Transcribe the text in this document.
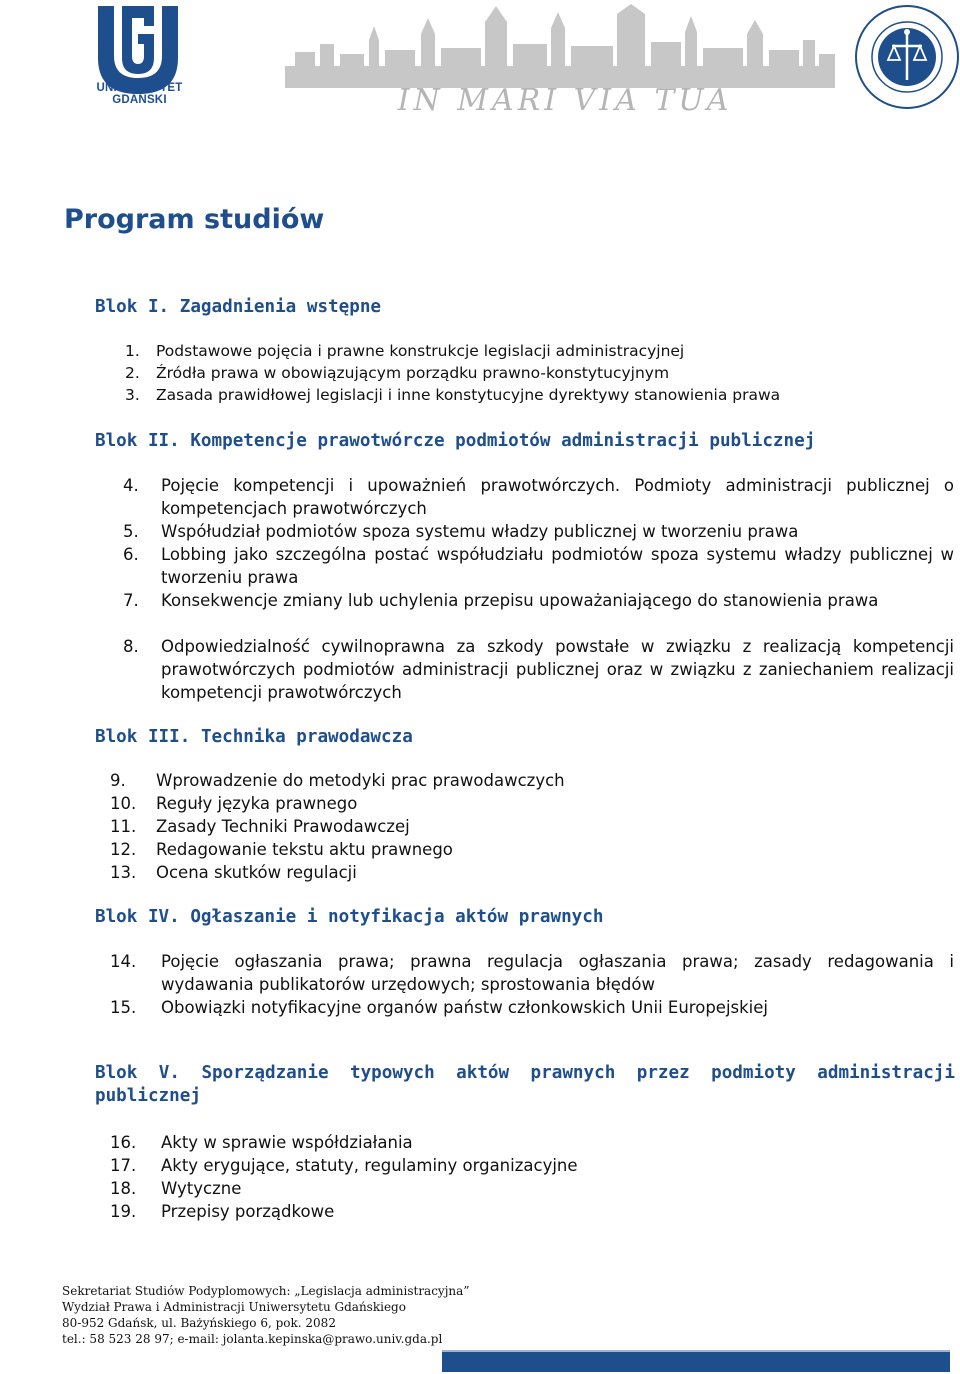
UNIWERSYTET GDAŃSKI	IN MARI VIA TUA
Program studiów
Blok I. Zagadnienia wstępne
1. Podstawowe pojęcia i prawne konstrukcje legislacji administracyjnej
2. Źródła prawa w obowiązującym porządku prawno-konstytucyjnym
3. Zasada prawidłowej legislacji i inne konstytucyjne dyrektywy stanowienia prawa
Blok II. Kompetencje prawotwórcze podmiotów administracji publicznej
4. Pojęcie kompetencji i upoważnień prawotwórczych. Podmioty administracji publicznej o kompetencjach prawotwórczych
5. Współudział podmiotów spoza systemu władzy publicznej w tworzeniu prawa
6. Lobbing jako szczególna postać współudziału podmiotów spoza systemu władzy publicznej w tworzeniu prawa
7. Konsekwencje zmiany lub uchylenia przepisu upoważaniającego do stanowienia prawa
8. Odpowiedzialność cywilnoprawna za szkody powstałe w związku z realizacją kompetencji prawotwórczych podmiotów administracji publicznej oraz w związku z zaniechaniem realizacji kompetencji prawotwórczych
Blok III. Technika prawodawcza
9. Wprowadzenie do metodyki prac prawodawczych
10. Reguły języka prawnego
11. Zasady Techniki Prawodawczej
12. Redagowanie tekstu aktu prawnego
13. Ocena skutków regulacji
Blok IV. Ogłaszanie i notyfikacja aktów prawnych
14. Pojęcie ogłaszania prawa; prawna regulacja ogłaszania prawa; zasady redagowania i wydawania publikatorów urzędowych; sprostowania błędów
15. Obowiązki notyfikacyjne organów państw członkowskich Unii Europejskiej
Blok V. Sporządzanie typowych aktów prawnych przez podmioty administracji publicznej
16. Akty w sprawie współdziałania
17. Akty erygujące, statuty, regulaminy organizacyjne
18. Wytyczne
19. Przepisy porządkowe
Sekretariat Studiów Podyplomowych: „Legislacja administracyjna”
Wydział Prawa i Administracji Uniwersytetu Gdańskiego
80-952 Gdańsk, ul. Bażyńskiego 6, pok. 2082
tel.: 58 523 28 97; e-mail: jolanta.kepinska@prawo.univ.gda.pl
